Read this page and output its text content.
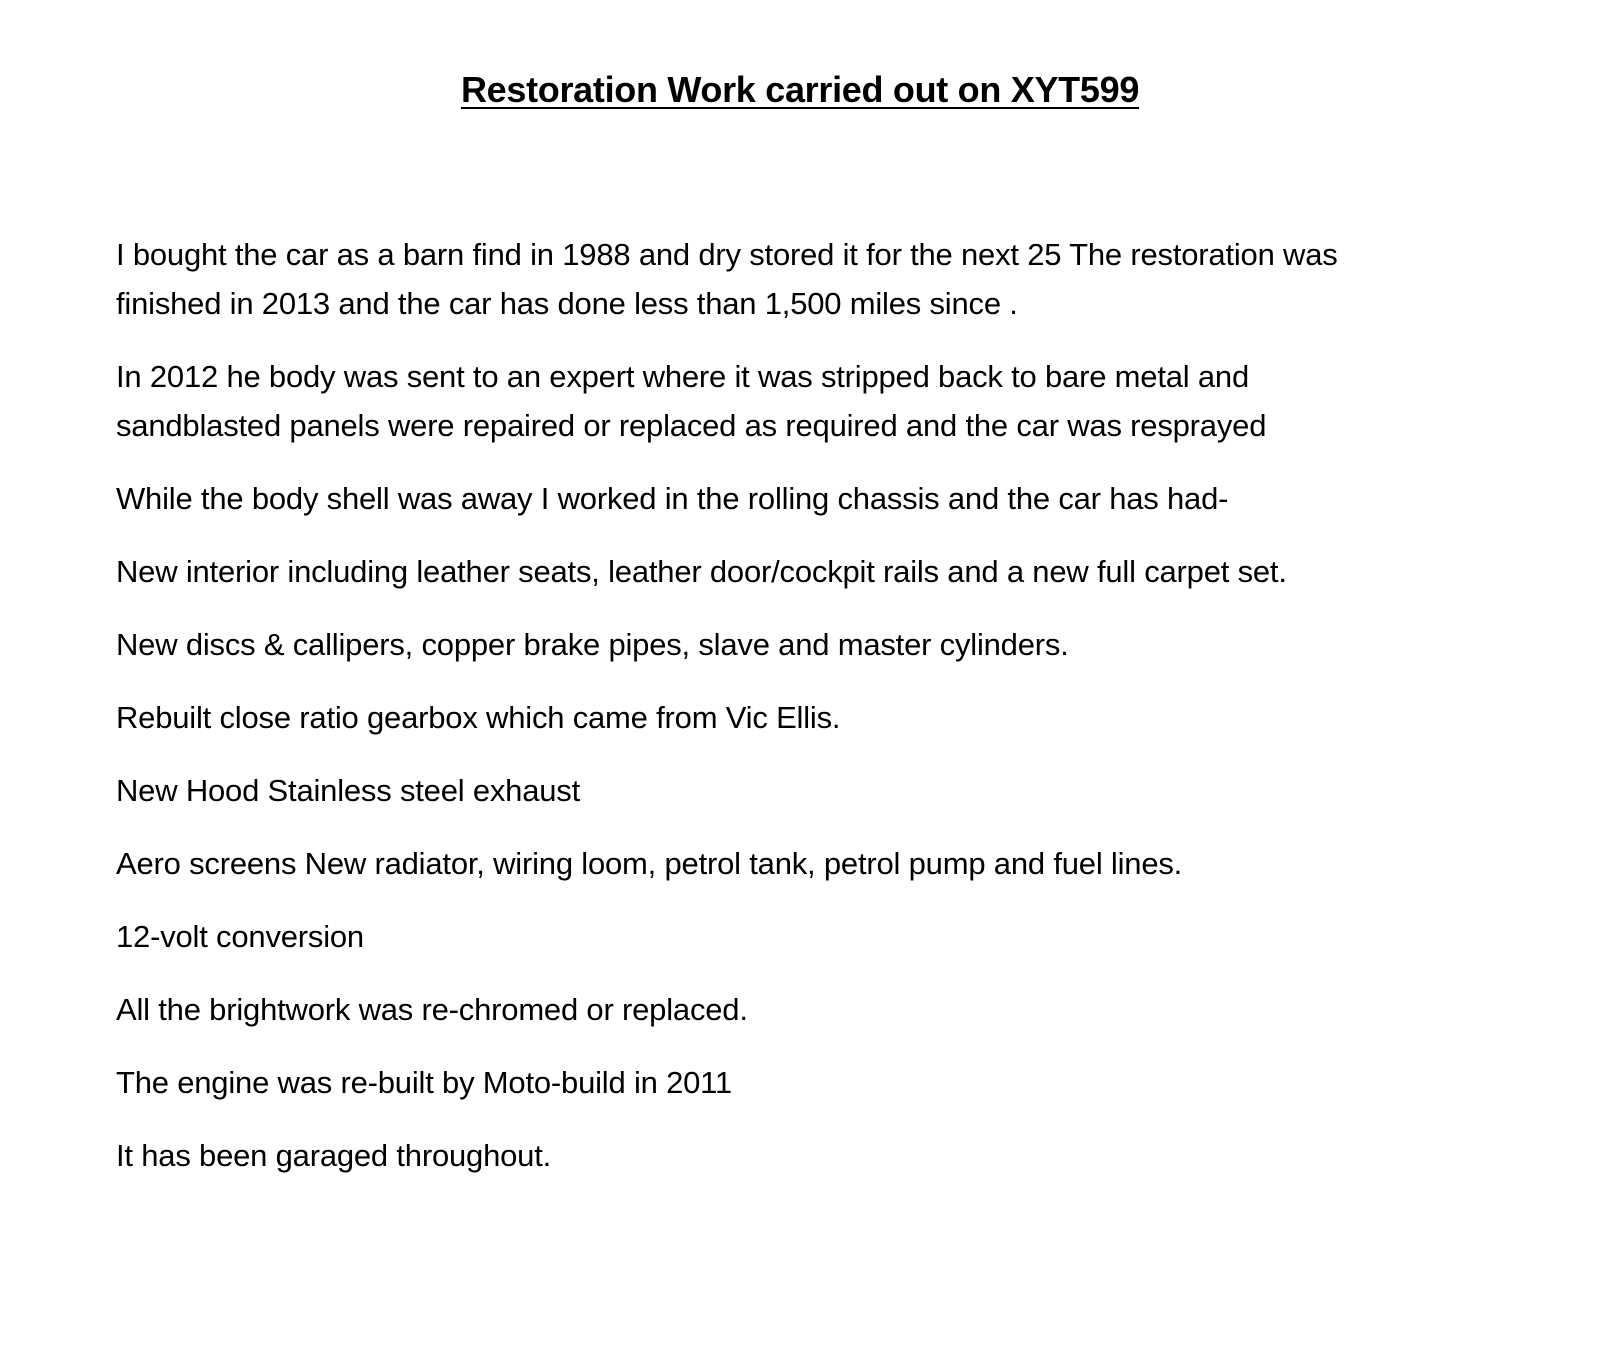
Restoration Work carried out on XYT599

I bought the car as a barn find in 1988 and dry stored it for the next 25 The restoration was
finished in 2013 and the car has done less than 1,500 miles since .

In 2012 he body was sent to an expert where it was stripped back to bare metal and
sandblasted panels were repaired or replaced as required and the car was resprayed

While the body shell was away I worked in the rolling chassis and the car has had-

New interior including leather seats, leather door/cockpit rails and a new full carpet set.

New discs & callipers, copper brake pipes, slave and master cylinders.

Rebuilt close ratio gearbox which came from Vic Ellis.

New Hood Stainless steel exhaust

Aero screens New radiator, wiring loom, petrol tank, petrol pump and fuel lines.

12-volt conversion

All the brightwork was re-chromed or replaced.

The engine was re-built by Moto-build in 2011

It has been garaged throughout.
